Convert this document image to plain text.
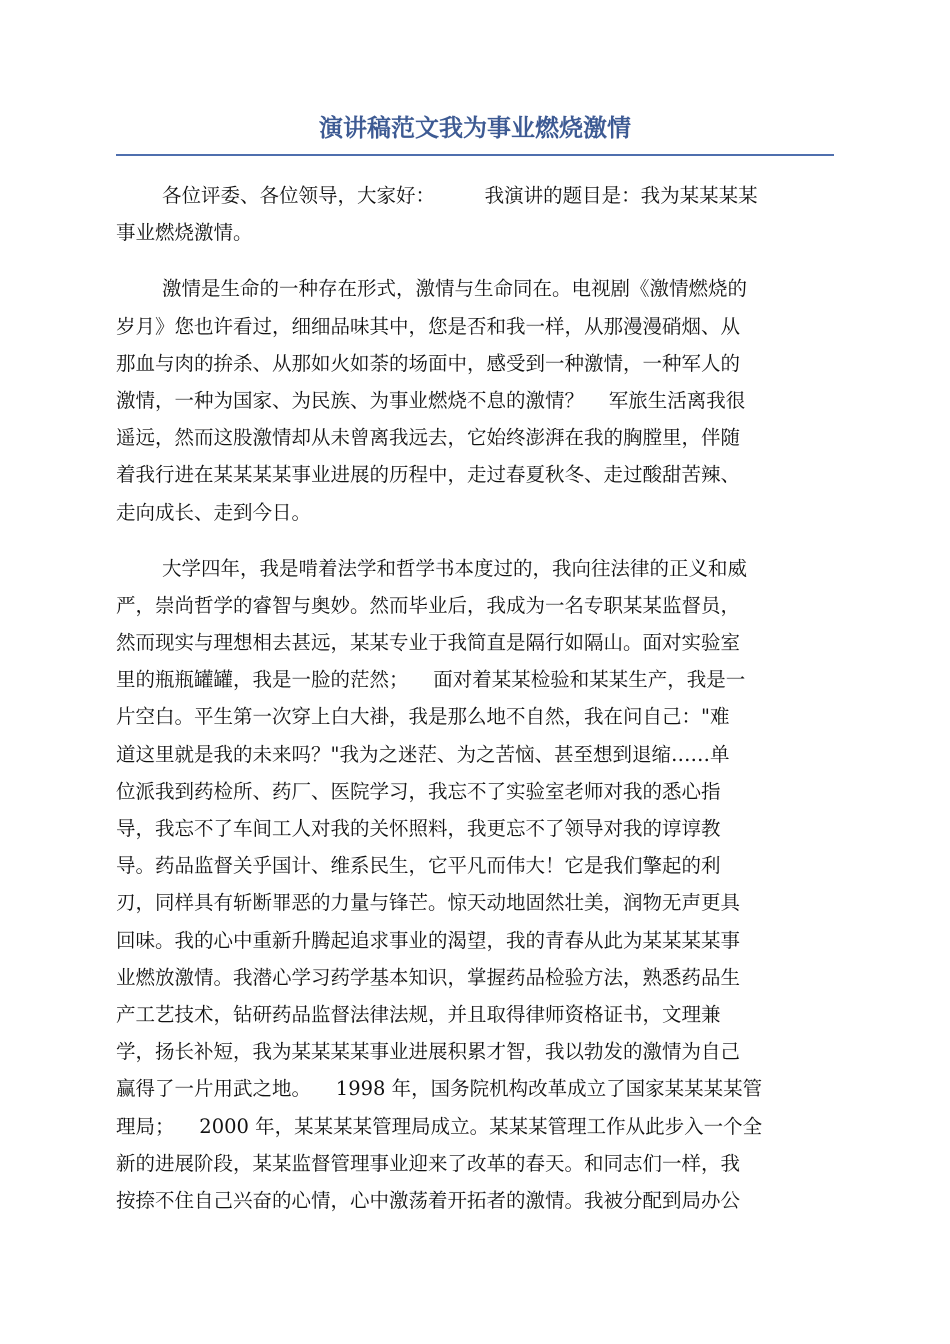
演讲稿范文我为事业燃烧激情
各位评委、各位领导，大家好：        我演讲的题目是：我为某某某某
事业燃烧激情。
激情是生命的一种存在形式，激情与生命同在。电视剧《激情燃烧的
岁月》您也许看过，细细品味其中，您是否和我一样，从那漫漫硝烟、从
那血与肉的拚杀、从那如火如荼的场面中，感受到一种激情，一种军人的
激情，一种为国家、为民族、为事业燃烧不息的激情？    军旅生活离我很
遥远，然而这股激情却从未曾离我远去，它始终澎湃在我的胸膛里，伴随
着我行进在某某某某事业进展的历程中，走过春夏秋冬、走过酸甜苦辣、
走向成长、走到今日。
大学四年，我是啃着法学和哲学书本度过的，我向往法律的正义和威
严，崇尚哲学的睿智与奥妙。然而毕业后，我成为一名专职某某监督员，
然而现实与理想相去甚远，某某专业于我简直是隔行如隔山。面对实验室
里的瓶瓶罐罐，我是一脸的茫然；    面对着某某检验和某某生产，我是一
片空白。平生第一次穿上白大褂，我是那么地不自然，我在问自己："难
道这里就是我的未来吗？"我为之迷茫、为之苦恼、甚至想到退缩……单
位派我到药检所、药厂、医院学习，我忘不了实验室老师对我的悉心指
导，我忘不了车间工人对我的关怀照料，我更忘不了领导对我的谆谆教
导。药品监督关乎国计、维系民生，它平凡而伟大！它是我们擎起的利
刃，同样具有斩断罪恶的力量与锋芒。惊天动地固然壮美，润物无声更具
回味。我的心中重新升腾起追求事业的渴望，我的青春从此为某某某某事
业燃放激情。我潜心学习药学基本知识，掌握药品检验方法，熟悉药品生
产工艺技术，钻研药品监督法律法规，并且取得律师资格证书，文理兼
学，扬长补短，我为某某某某事业进展积累才智，我以勃发的激情为自己
赢得了一片用武之地。    1998 年，国务院机构改革成立了国家某某某某管
理局；    2000 年，某某某某管理局成立。某某某管理工作从此步入一个全
新的进展阶段，某某监督管理事业迎来了改革的春天。和同志们一样，我
按捺不住自己兴奋的心情，心中激荡着开拓者的激情。我被分配到局办公
